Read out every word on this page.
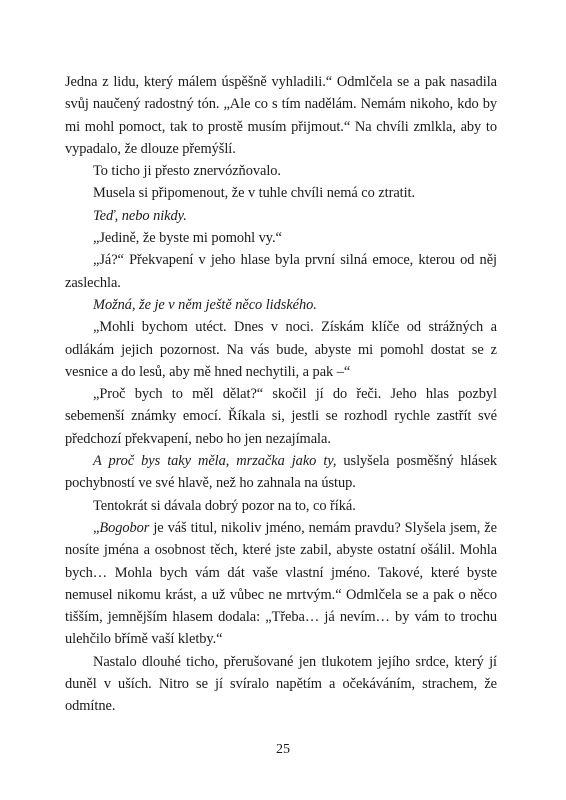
Jedna z lidu, který málem úspěšně vyhladili.“ Odmlčela se a pak nasadila svůj naučený radostný tón. „Ale co s tím nadělám. Nemám nikoho, kdo by mi mohl pomoct, tak to prostě musím přijmout.“ Na chvíli zmlkla, aby to vypadalo, že dlouze přemýšlí.

To ticho ji přesto znervózňovalo.

Musela si připomenout, že v tuhle chvíli nemá co ztratit.

Teď, nebo nikdy.

„Jedině, že byste mi pomohl vy.“

„Já?“ Překvapení v jeho hlase byla první silná emoce, kterou od něj zaslechla.

Možná, že je v něm ještě něco lidského.

„Mohli bychom utéct. Dnes v noci. Získám klíče od strážných a odlákám jejich pozornost. Na vás bude, abyste mi pomohl dostat se z vesnice a do lesů, aby mě hned nechytili, a pak –“

„Proč bych to měl dělat?“ skočil jí do řeči. Jeho hlas pozbyl sebemenší známky emocí. Říkala si, jestli se rozhodl rychle zastřít své předchozí překvapení, nebo ho jen nezajímala.

A proč bys taky měla, mrzačka jako ty, uslyšela posměšný hlásek pochybností ve své hlavě, než ho zahnala na ústup.

Tentokrát si dávala dobrý pozor na to, co říká.

„Bogobor je váš titul, nikoliv jméno, nemám pravdu? Slyšela jsem, že nosíte jména a osobnost těch, které jste zabil, abyste ostatní ošálil. Mohla bych… Mohla bych vám dát vaše vlastní jméno. Takové, které byste nemusel nikomu krást, a už vůbec ne mrtvým.“ Odmlčela se a pak o něco tišším, jemnějším hlasem dodala: „Třeba… já nevím… by vám to trochu ulehčilo břímě vaší kletby.“

Nastalo dlouhé ticho, přerušované jen tlukotem jejího srdce, který jí duněl v uších. Nitro se jí svíralo napětím a očekáváním, strachem, že odmítne.

25
